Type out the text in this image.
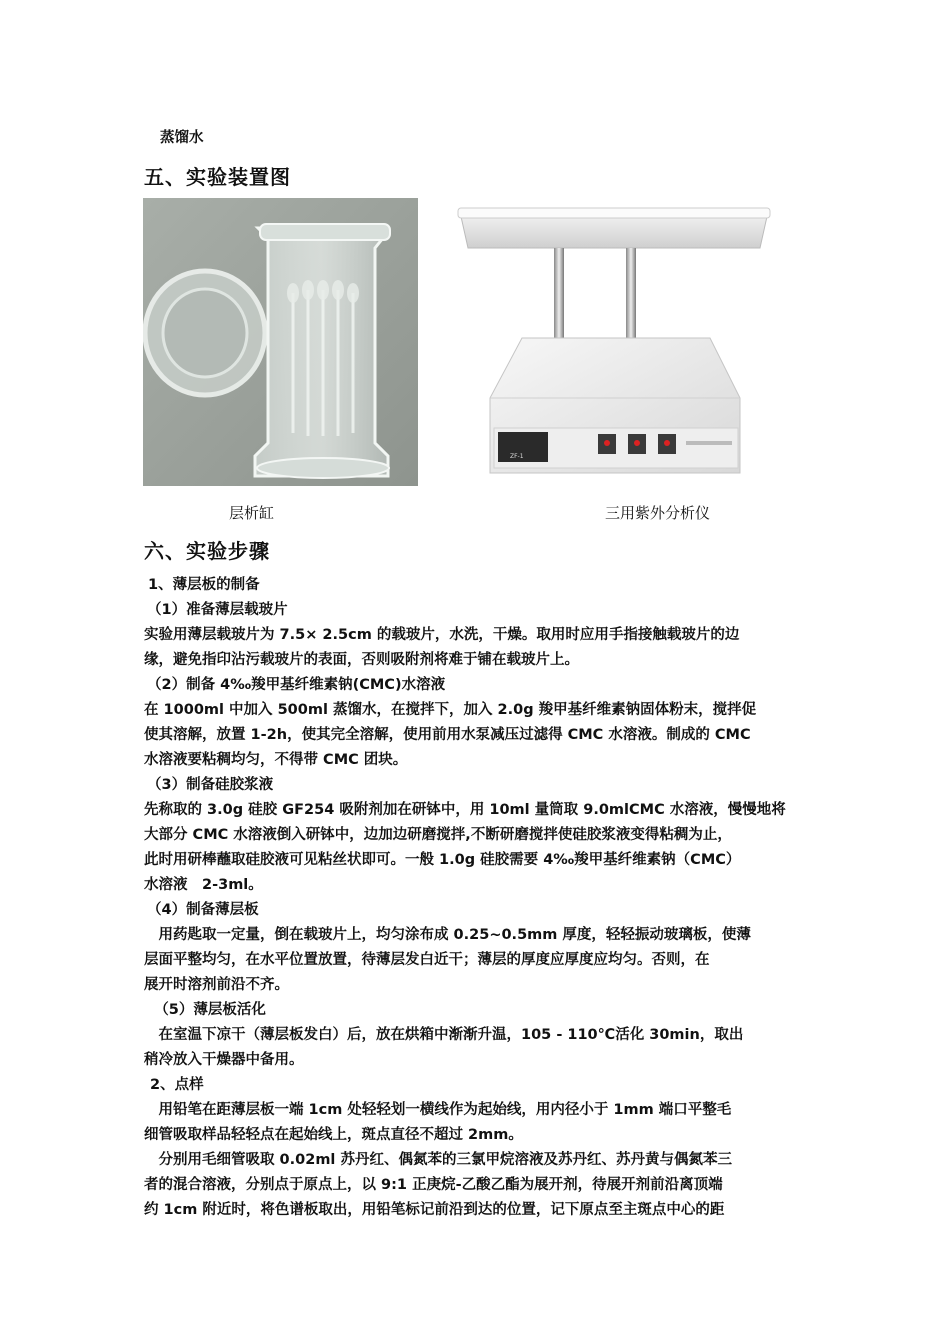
蒸馏水
五、实验装置图
ZF-1
层析缸	三用紫外分析仪
六、实验步骤
1、薄层板的制备
（1）准备薄层载玻片
实验用薄层载玻片为 7.5× 2.5cm 的载玻片，水洗，干燥。取用时应用手指接触载玻片的边
缘，避免指印沾污载玻片的表面，否则吸附剂将难于铺在载玻片上。
（2）制备 4‰羧甲基纤维素钠(CMC)水溶液
在 1000ml 中加入 500ml 蒸馏水，在搅拌下，加入 2.0g 羧甲基纤维素钠固体粉末，搅拌促
使其溶解，放置 1-2h，使其完全溶解，使用前用水泵减压过滤得 CMC 水溶液。制成的 CMC
水溶液要粘稠均匀，不得带 CMC 团块。
（3）制备硅胶浆液
先称取的 3.0g 硅胶 GF254 吸附剂加在研钵中，用 10ml 量筒取 9.0mlCMC 水溶液，慢慢地将
大部分 CMC 水溶液倒入研钵中，边加边研磨搅拌,不断研磨搅拌使硅胶浆液变得粘稠为止，
此时用研棒蘸取硅胶液可见粘丝状即可。一般 1.0g 硅胶需要 4‰羧甲基纤维素钠（CMC）
水溶液　2-3ml。
（4）制备薄层板
　用药匙取一定量，倒在载玻片上，均匀涂布成 0.25~0.5mm 厚度，轻轻振动玻璃板，使薄
层面平整均匀，在水平位置放置，待薄层发白近干；薄层的厚度应厚度应均匀。否则，在
展开时溶剂前沿不齐。
　（5）薄层板活化
　在室温下凉干（薄层板发白）后，放在烘箱中渐渐升温，105 - 110℃活化 30min，取出
稍冷放入干燥器中备用。
2、点样
　用铅笔在距薄层板一端 1cm 处轻轻划一横线作为起始线，用内径小于 1mm 端口平整毛
细管吸取样品轻轻点在起始线上，斑点直径不超过 2mm。
　分别用毛细管吸取 0.02ml 苏丹红、偶氮苯的三氯甲烷溶液及苏丹红、苏丹黄与偶氮苯三
者的混合溶液，分别点于原点上，以 9:1 正庚烷-乙酸乙酯为展开剂，待展开剂前沿离顶端
约 1cm 附近时，将色谱板取出，用铅笔标记前沿到达的位置，记下原点至主斑点中心的距
